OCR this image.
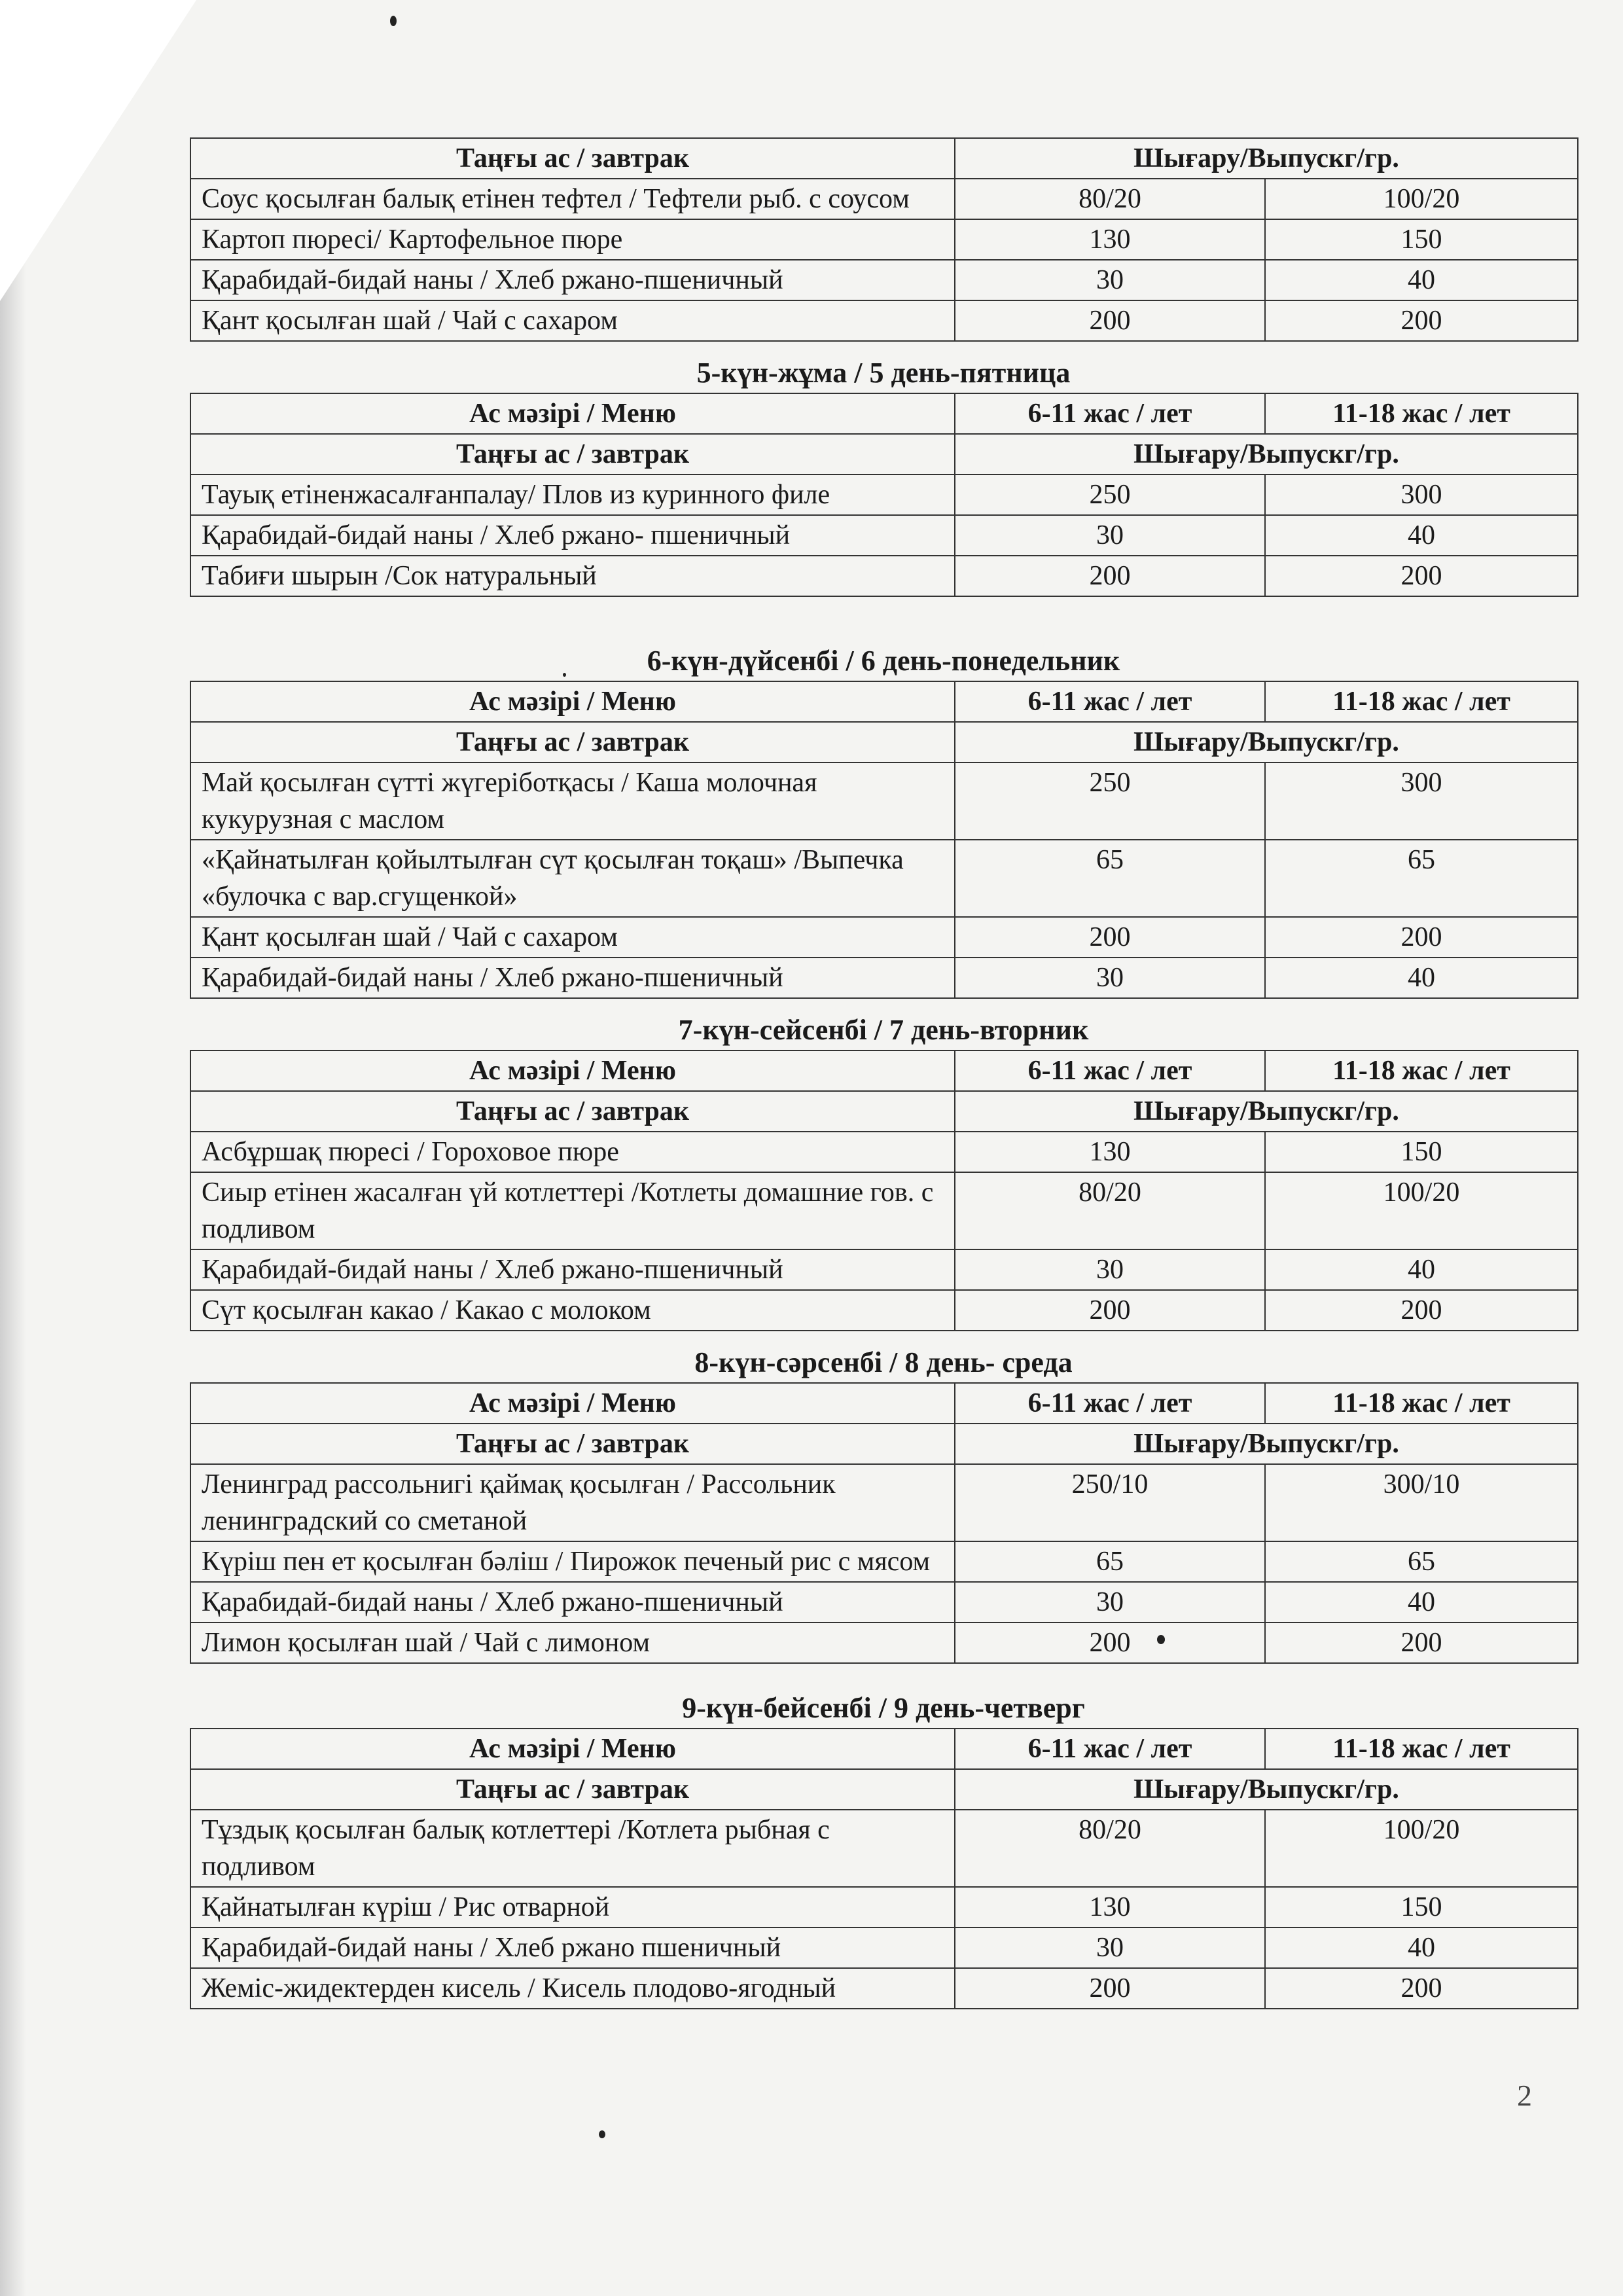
Таңғы ас / завтрак	Шығару/Выпускг/гр.	
Соус қосылған балық етінен тефтел / Тефтели рыб. с соусом	80/20	100/20
Картоп пюресі/ Картофельное пюре	130	150
Қарабидай-бидай наны / Хлеб ржано-пшеничный	30	40
Қант қосылған шай / Чай с сахаром	200	200
5-күн-жұма / 5 день-пятница
Ас мәзірі / Меню	6-11 жас / лет	11-18 жас / лет
Таңғы ас / завтрак	Шығару/Выпускг/гр.	
Тауық етіненжасалғанпалау/ Плов из куринного филе	250	300
Қарабидай-бидай наны / Хлеб ржано- пшеничный	30	40
Табиғи шырын /Сок натуральный	200	200
6-күн-дүйсенбі / 6 день-понедельник
Ас мәзірі / Меню	6-11 жас / лет	11-18 жас / лет
Таңғы ас / завтрак	Шығару/Выпускг/гр.	
Май қосылған сүтті жүгеріботқасы / Каша молочная кукурузная с маслом	250	300
«Қайнатылған қойылтылған сүт қосылған тоқаш» /Выпечка «булочка с вар.сгущенкой»	65	65
Қант қосылған шай / Чай с сахаром	200	200
Қарабидай-бидай наны / Хлеб ржано-пшеничный	30	40
7-күн-сейсенбі / 7 день-вторник
Ас мәзірі / Меню	6-11 жас / лет	11-18 жас / лет
Таңғы ас / завтрак	Шығару/Выпускг/гр.	
Асбұршақ пюресі / Гороховое пюре	130	150
Сиыр етінен жасалған үй котлеттері /Котлеты домашние гов. с подливом	80/20	100/20
Қарабидай-бидай наны / Хлеб ржано-пшеничный	30	40
Сүт қосылған какао / Какао с молоком	200	200
8-күн-сәрсенбі / 8 день- среда
Ас мәзірі / Меню	6-11 жас / лет	11-18 жас / лет
Таңғы ас / завтрак	Шығару/Выпускг/гр.	
Ленинград рассольнигі қаймақ қосылған / Рассольник ленинградский со сметаной	250/10	300/10
Күріш пен ет қосылған бәліш / Пирожок печеный рис с мясом	65	65
Қарабидай-бидай наны / Хлеб ржано-пшеничный	30	40
Лимон қосылған шай / Чай с лимоном	200	200
9-күн-бейсенбі / 9 день-четверг
Ас мәзірі / Меню	6-11 жас / лет	11-18 жас / лет
Таңғы ас / завтрак	Шығару/Выпускг/гр.	
Тұздық қосылған балық котлеттері /Котлета рыбная с подливом	80/20	100/20
Қайнатылған күріш / Рис отварной	130	150
Қарабидай-бидай наны / Хлеб ржано пшеничный	30	40
Жеміс-жидектерден кисель / Кисель плодово-ягодный	200	200
2
